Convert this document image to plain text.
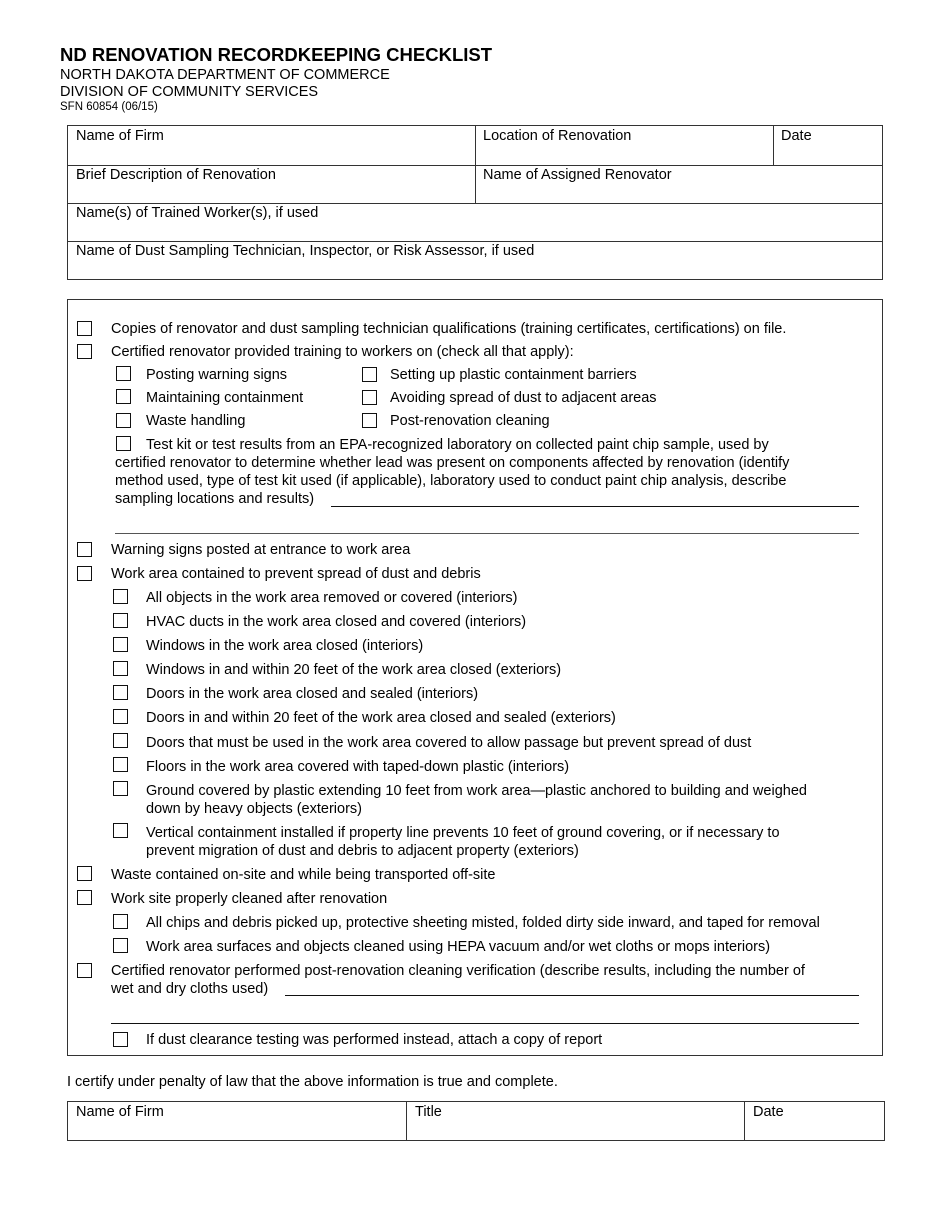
ND RENOVATION RECORDKEEPING CHECKLIST
NORTH DAKOTA DEPARTMENT OF COMMERCE
DIVISION OF COMMUNITY SERVICES
SFN 60854 (06/15)
Name of Firm	Location of Renovation	Date
Brief Description of Renovation	Name of Assigned Renovator
Name(s) of Trained Worker(s), if used
Name of Dust Sampling Technician, Inspector, or Risk Assessor, if used
Copies of renovator and dust sampling technician qualifications (training certificates, certifications) on file.
Certified renovator provided training to workers on (check all that apply):
Posting warning signs	Setting up plastic containment barriers
Maintaining containment	Avoiding spread of dust to adjacent areas
Waste handling	Post-renovation cleaning
Test kit or test results from an EPA-recognized laboratory on collected paint chip sample, used by
certified renovator to determine whether lead was present on components affected by renovation (identify
method used, type of test kit used (if applicable), laboratory used to conduct paint chip analysis, describe
sampling locations and results)
Warning signs posted at entrance to work area
Work area contained to prevent spread of dust and debris
All objects in the work area removed or covered (interiors)
HVAC ducts in the work area closed and covered (interiors)
Windows in the work area closed (interiors)
Windows in and within 20 feet of the work area closed (exteriors)
Doors in the work area closed and sealed (interiors)
Doors in and within 20 feet of the work area closed and sealed (exteriors)
Doors that must be used in the work area covered to allow passage but prevent spread of dust
Floors in the work area covered with taped-down plastic (interiors)
Ground covered by plastic extending 10 feet from work area—plastic anchored to building and weighed
down by heavy objects (exteriors)
Vertical containment installed if property line prevents 10 feet of ground covering, or if necessary to
prevent migration of dust and debris to adjacent property (exteriors)
Waste contained on-site and while being transported off-site
Work site properly cleaned after renovation
All chips and debris picked up, protective sheeting misted, folded dirty side inward, and taped for removal
Work area surfaces and objects cleaned using HEPA vacuum and/or wet cloths or mops interiors)
Certified renovator performed post-renovation cleaning verification (describe results, including the number of
wet and dry cloths used)
If dust clearance testing was performed instead, attach a copy of report
I certify under penalty of law that the above information is true and complete.
Name of Firm	Title	Date
